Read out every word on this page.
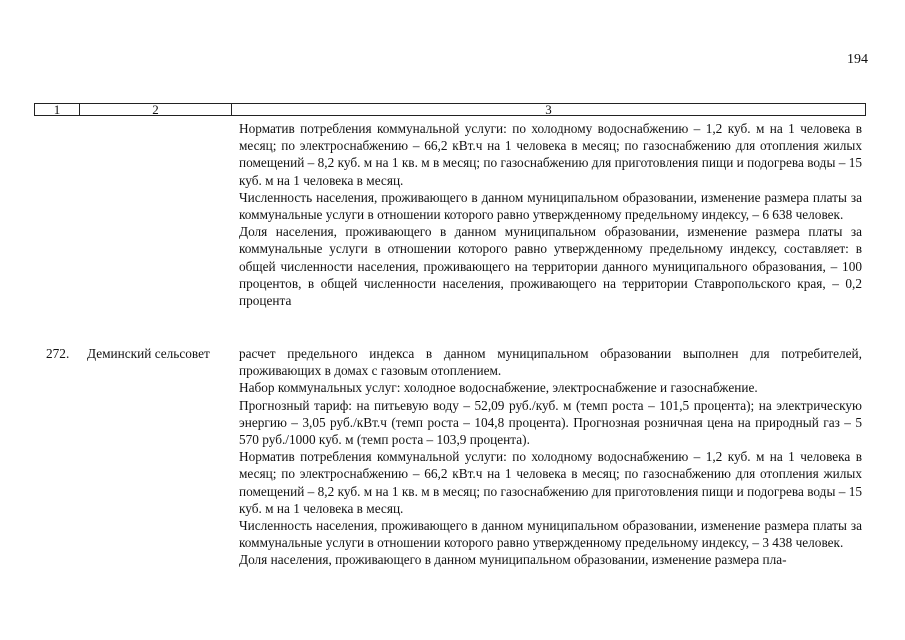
194
1	2	3

Норматив потребления коммунальной услуги: по холодному водоснабжению – 1,2 куб. м на 1 человека в месяц; по электроснабжению – 66,2 кВт.ч на 1 человека в месяц; по газоснабжению для отопления жилых помещений – 8,2 куб. м на 1 кв. м в месяц; по газоснабжению для приготовления пищи и подогрева воды – 15 куб. м на 1 человека в месяц.

Численность населения, проживающего в данном муниципальном образовании, изменение размера платы за коммунальные услуги в отношении которого равно утвержденному предельному индексу, – 6 638 человек.

Доля населения, проживающего в данном муниципальном образовании, изменение размера платы за коммунальные услуги в отношении которого равно утвержденному предельному индексу, составляет: в общей численности населения, проживающего на территории данного муниципального образования, – 100 процентов, в общей численности населения, проживающего на территории Ставропольского края, – 0,2 процента

272. Деминский сельсовет расчет предельного индекса в данном муниципальном образовании выполнен для потребителей, проживающих в домах с газовым отоплением.

Набор коммунальных услуг: холодное водоснабжение, электроснабжение и газоснабжение.

Прогнозный тариф: на питьевую воду – 52,09 руб./куб. м (темп роста – 101,5 процента); на электрическую энергию – 3,05 руб./кВт.ч (темп роста – 104,8 процента). Прогнозная розничная цена на природный газ – 5 570 руб./1000 куб. м (темп роста – 103,9 процента).

Норматив потребления коммунальной услуги: по холодному водоснабжению – 1,2 куб. м на 1 человека в месяц; по электроснабжению – 66,2 кВт.ч на 1 человека в месяц; по газоснабжению для отопления жилых помещений – 8,2 куб. м на 1 кв. м в месяц; по газоснабжению для приготовления пищи и подогрева воды – 15 куб. м на 1 человека в месяц.

Численность населения, проживающего в данном муниципальном образовании, изменение размера платы за коммунальные услуги в отношении которого равно утвержденному предельному индексу, – 3 438 человек.

Доля населения, проживающего в данном муниципальном образовании, изменение размера пла-
